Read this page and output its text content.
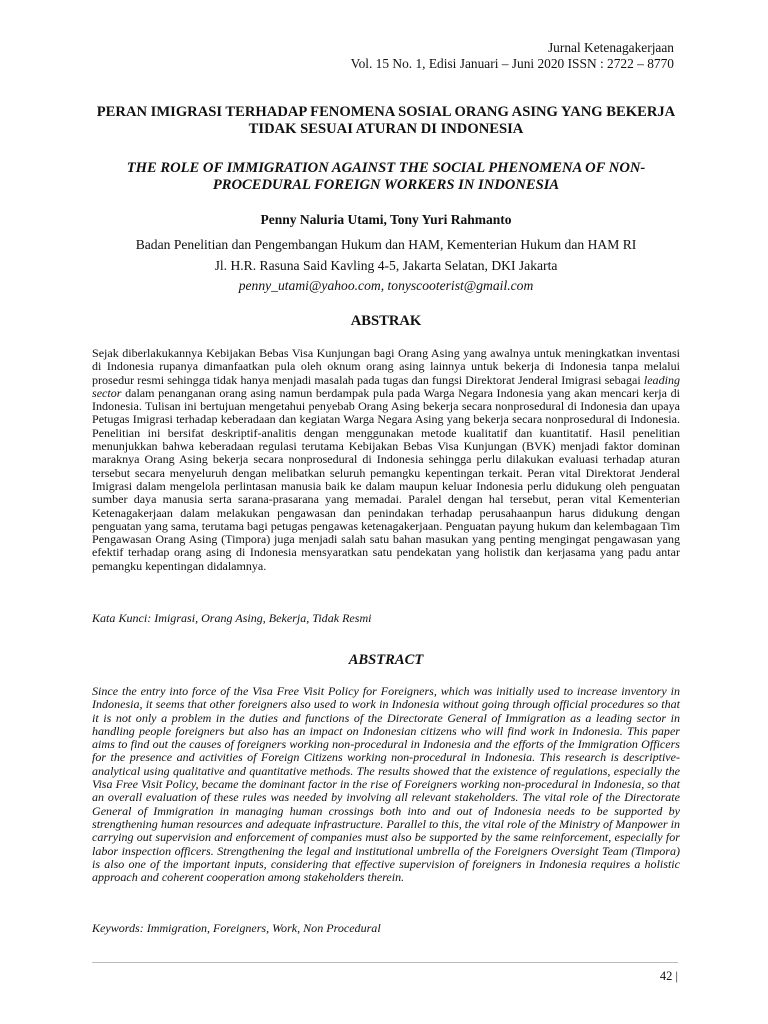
Jurnal Ketenagakerjaan
Vol. 15 No. 1, Edisi Januari – Juni 2020 ISSN : 2722 – 8770
PERAN IMIGRASI TERHADAP FENOMENA SOSIAL ORANG ASING YANG BEKERJA TIDAK SESUAI ATURAN DI INDONESIA
THE ROLE OF IMMIGRATION AGAINST THE SOCIAL PHENOMENA OF NON-PROCEDURAL FOREIGN WORKERS IN INDONESIA
Penny Naluria Utami, Tony Yuri Rahmanto
Badan Penelitian dan Pengembangan Hukum dan HAM, Kementerian Hukum dan HAM RI
Jl. H.R. Rasuna Said Kavling 4-5, Jakarta Selatan, DKI Jakarta
penny_utami@yahoo.com, tonyscooterist@gmail.com
ABSTRAK

Sejak diberlakukannya Kebijakan Bebas Visa Kunjungan bagi Orang Asing yang awalnya untuk meningkatkan inventasi di Indonesia rupanya dimanfaatkan pula oleh oknum orang asing lainnya untuk bekerja di Indonesia tanpa melalui prosedur resmi sehingga tidak hanya menjadi masalah pada tugas dan fungsi Direktorat Jenderal Imigrasi sebagai leading sector dalam penanganan orang asing namun berdampak pula pada Warga Negara Indonesia yang akan mencari kerja di Indonesia. Tulisan ini bertujuan mengetahui penyebab Orang Asing bekerja secara nonprosedural di Indonesia dan upaya Petugas Imigrasi terhadap keberadaan dan kegiatan Warga Negara Asing yang bekerja secara nonprosedural di Indonesia. Penelitian ini bersifat deskriptif-analitis dengan menggunakan metode kualitatif dan kuantitatif. Hasil penelitian menunjukkan bahwa keberadaan regulasi terutama Kebijakan Bebas Visa Kunjungan (BVK) menjadi faktor dominan maraknya Orang Asing bekerja secara nonprosedural di Indonesia sehingga perlu dilakukan evaluasi terhadap aturan tersebut secara menyeluruh dengan melibatkan seluruh pemangku kepentingan terkait. Peran vital Direktorat Jenderal Imigrasi dalam mengelola perlintasan manusia baik ke dalam maupun keluar Indonesia perlu didukung oleh penguatan sumber daya manusia serta sarana-prasarana yang memadai. Paralel dengan hal tersebut, peran vital Kementerian Ketenagakerjaan dalam melakukan pengawasan dan penindakan terhadap perusahaanpun harus didukung dengan penguatan yang sama, terutama bagi petugas pengawas ketenagakerjaan. Penguatan payung hukum dan kelembagaan Tim Pengawasan Orang Asing (Timpora) juga menjadi salah satu bahan masukan yang penting mengingat pengawasan yang efektif terhadap orang asing di Indonesia mensyaratkan satu pendekatan yang holistik dan kerjasama yang padu antar pemangku kepentingan didalamnya.

Kata Kunci: Imigrasi, Orang Asing, Bekerja, Tidak Resmi
ABSTRACT

Since the entry into force of the Visa Free Visit Policy for Foreigners, which was initially used to increase inventory in Indonesia, it seems that other foreigners also used to work in Indonesia without going through official procedures so that it is not only a problem in the duties and functions of the Directorate General of Immigration as a leading sector in handling people foreigners but also has an impact on Indonesian citizens who will find work in Indonesia. This paper aims to find out the causes of foreigners working non-procedural in Indonesia and the efforts of the Immigration Officers for the presence and activities of Foreign Citizens working non-procedural in Indonesia. This research is descriptive-analytical using qualitative and quantitative methods. The results showed that the existence of regulations, especially the Visa Free Visit Policy, became the dominant factor in the rise of Foreigners working non-procedural in Indonesia, so that an overall evaluation of these rules was needed by involving all relevant stakeholders. The vital role of the Directorate General of Immigration in managing human crossings both into and out of Indonesia needs to be supported by strengthening human resources and adequate infrastructure. Parallel to this, the vital role of the Ministry of Manpower in carrying out supervision and enforcement of companies must also be supported by the same reinforcement, especially for labor inspection officers. Strengthening the legal and institutional umbrella of the Foreigners Oversight Team (Timpora) is also one of the important inputs, considering that effective supervision of foreigners in Indonesia requires a holistic approach and coherent cooperation among stakeholders therein.

Keywords: Immigration, Foreigners, Work, Non Procedural
42 |
